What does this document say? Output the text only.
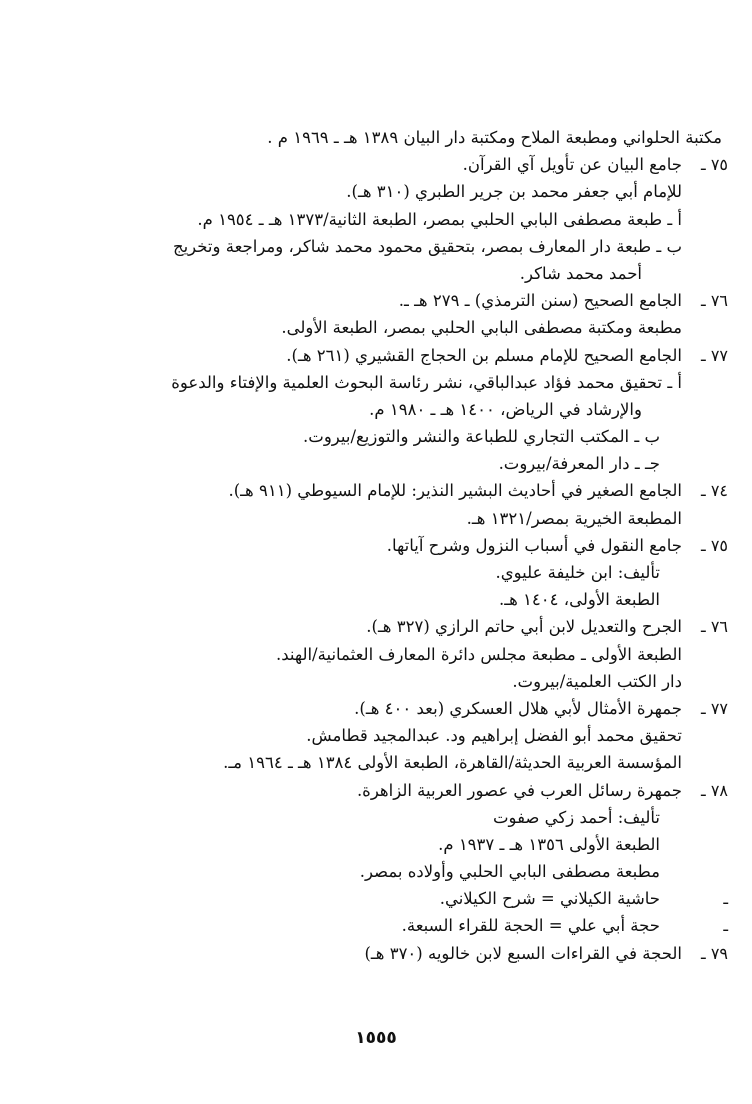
مكتبة الحلواني ومطبعة الملاح ومكتبة دار البيان ١٣٨٩ هـ ـ ١٩٦٩ م .
٧٥ ـ
جامع البيان عن تأويل آي القرآن.
للإمام أبي جعفر محمد بن جرير الطبري (٣١٠ هـ).
أ ـ طبعة مصطفى البابي الحلبي بمصر، الطبعة الثانية/١٣٧٣ هـ ـ ١٩٥٤ م.
ب ـ طبعة دار المعارف بمصر، بتحقيق محمود محمد شاكر، ومراجعة وتخريج
أحمد محمد شاكر.
٧٦ ـ
الجامع الصحيح (سنن الترمذي) ـ ٢٧٩ هـ ـ.
مطبعة ومكتبة مصطفى البابي الحلبي بمصر، الطبعة الأولى.
٧٧ ـ
الجامع الصحيح للإمام مسلم بن الحجاج القشيري (٢٦١ هـ).
أ ـ تحقيق محمد فؤاد عبدالباقي، نشر رئاسة البحوث العلمية والإفتاء والدعوة
والإرشاد في الرياض، ١٤٠٠ هـ ـ ١٩٨٠ م.
ب ـ المكتب التجاري للطباعة والنشر والتوزيع/بيروت.
جـ ـ دار المعرفة/بيروت.
٧٤ ـ
الجامع الصغير في أحاديث البشير النذير: للإمام السيوطي (٩١١ هـ).
المطبعة الخيرية بمصر/١٣٢١ هـ.
٧٥ ـ
جامع النقول في أسباب النزول وشرح آياتها.
تأليف: ابن خليفة عليوي.
الطبعة الأولى، ١٤٠٤ هـ.
٧٦ ـ
الجرح والتعديل لابن أبي حاتم الرازي (٣٢٧ هـ).
الطبعة الأولى ـ مطبعة مجلس دائرة المعارف العثمانية/الهند.
دار الكتب العلمية/بيروت.
٧٧ ـ
جمهرة الأمثال لأبي هلال العسكري (بعد ٤٠٠ هـ).
تحقيق محمد أبو الفضل إبراهيم ود. عبدالمجيد قطامش.
المؤسسة العربية الحديثة/القاهرة، الطبعة الأولى ١٣٨٤ هـ ـ ١٩٦٤ مـ.
٧٨ ـ
جمهرة رسائل العرب في عصور العربية الزاهرة.
تأليف: أحمد زكي صفوت
الطبعة الأولى ١٣٥٦ هـ ـ ١٩٣٧ م.
مطبعة مصطفى البابي الحلبي وأولاده بمصر.
ـ
حاشية الكيلاني = شرح الكيلاني.
ـ
حجة أبي علي = الحجة للقراء السبعة.
٧٩ ـ
الحجة في القراءات السبع لابن خالويه (٣٧٠ هـ)
١٥٥٥
